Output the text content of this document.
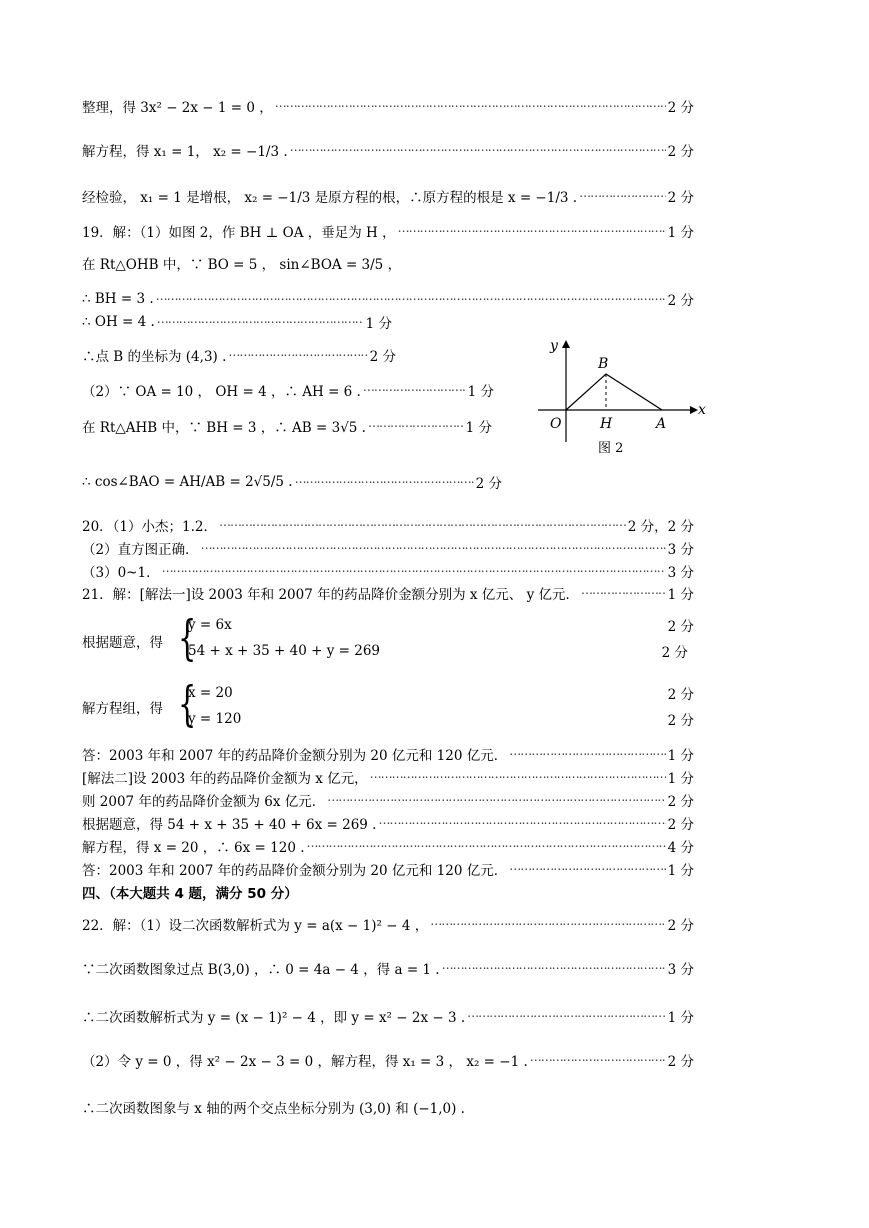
整理，得 3x² − 2x − 1 = 0 ， ……………………………………………………………………………………………………………………………………………………	2 分
解方程，得 x₁ = 1， x₂ = −1/3 . ……………………………………………………………………………………………………………………………………………………	2 分
经检验， x₁ = 1 是增根， x₂ = −1/3 是原方程的根，∴原方程的根是 x = −1/3 . ……………………………………………………………………………………………………………………………………………………	2 分
19．解：（1）如图 2，作 BH ⊥ OA ，垂足为 H ， ……………………………………………………………………………………………………………………………………………………	1 分
在 Rt△OHB 中，∵ BO = 5 ， sin∠BOA = 3/5 ，
∴ BH = 3 . ……………………………………………………………………………………………………………………………………………………	2 分
∴ OH = 4 . ……………………………………………………………………………………………………………………………………………………	1 分
∴点 B 的坐标为 (4,3) . ……………………………………………………………………………………………………………………………………………………	2 分
（2）∵ OA = 10 ， OH = 4 ，∴ AH = 6 . ……………………………………………………………………………………………………………………………………………………	1 分
在 Rt△AHB 中，∵ BH = 3 ，∴ AB = 3√5 . ……………………………………………………………………………………………………………………………………………………	1 分
∴ cos∠BAO = AH/AB = 2√5/5 . ……………………………………………………………………………………………………………………………………………………	2 分
20．（1）小杰；1.2． ……………………………………………………………………………………………………………………………………………………	2 分，2 分
（2）直方图正确． ……………………………………………………………………………………………………………………………………………………	3 分
（3）0~1． ……………………………………………………………………………………………………………………………………………………	3 分
21．解：[解法一]设 2003 年和 2007 年的药品降价金额分别为 x 亿元、 y 亿元． ……………………………………………………………………………………………………………………………………………………	1 分
根据题意，得 {
y = 6x	2 分
54 + x + 35 + 40 + y = 269	2 分
解方程组，得 {
x = 20	2 分
y = 120	2 分
答：2003 年和 2007 年的药品降价金额分别为 20 亿元和 120 亿元． ……………………………………………………………………………………………………………………………………………………	1 分
[解法二]设 2003 年的药品降价金额为 x 亿元， ……………………………………………………………………………………………………………………………………………………	1 分
则 2007 年的药品降价金额为 6x 亿元． ……………………………………………………………………………………………………………………………………………………	2 分
根据题意，得 54 + x + 35 + 40 + 6x = 269 . ……………………………………………………………………………………………………………………………………………………	2 分
解方程，得 x = 20 ，∴ 6x = 120 . ……………………………………………………………………………………………………………………………………………………	4 分
答：2003 年和 2007 年的药品降价金额分别为 20 亿元和 120 亿元． ……………………………………………………………………………………………………………………………………………………	1 分
四、（本大题共 4 题，满分 50 分）
22．解：（1）设二次函数解析式为 y = a(x − 1)² − 4 ， ……………………………………………………………………………………………………………………………………………………	2 分
∵二次函数图象过点 B(3,0) ，∴ 0 = 4a − 4 ，得 a = 1 . ……………………………………………………………………………………………………………………………………………………	3 分
∴二次函数解析式为 y = (x − 1)² − 4 ，即 y = x² − 2x − 3 . ……………………………………………………………………………………………………………………………………………………	1 分
（2）令 y = 0 ，得 x² − 2x − 3 = 0 ，解方程，得 x₁ = 3 ， x₂ = −1 . ……………………………………………………………………………………………………………………………………………………	2 分
∴二次函数图象与 x 轴的两个交点坐标分别为 (3,0) 和 (−1,0) .
y
x
O
B
H	A
图 2
